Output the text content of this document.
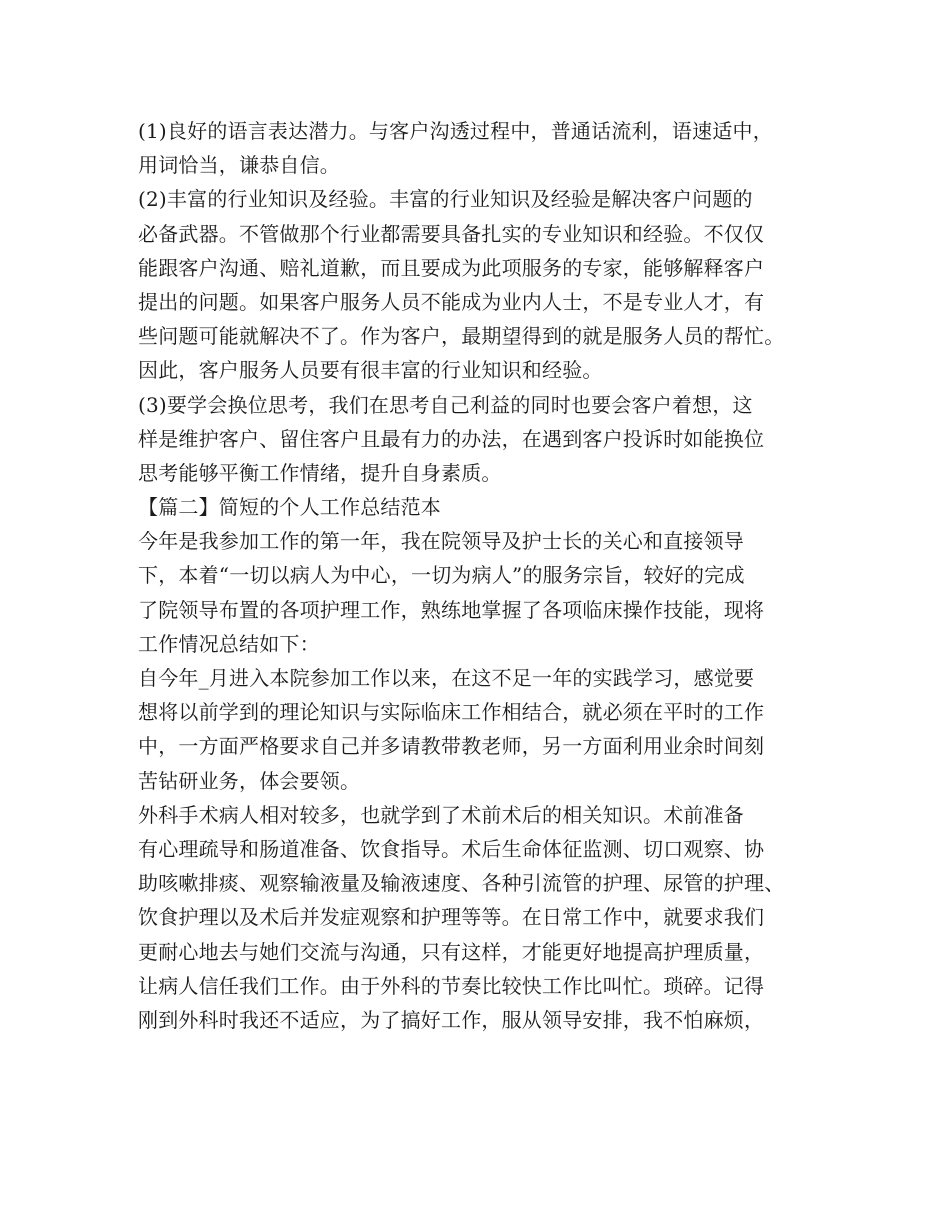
(1)良好的语言表达潜力。与客户沟透过程中，普通话流利，语速适中，
用词恰当，谦恭自信。
(2)丰富的行业知识及经验。丰富的行业知识及经验是解决客户问题的
必备武器。不管做那个行业都需要具备扎实的专业知识和经验。不仅仅
能跟客户沟通、赔礼道歉，而且要成为此项服务的专家，能够解释客户
提出的问题。如果客户服务人员不能成为业内人士，不是专业人才，有
些问题可能就解决不了。作为客户，最期望得到的就是服务人员的帮忙。
因此，客户服务人员要有很丰富的行业知识和经验。
(3)要学会换位思考，我们在思考自己利益的同时也要会客户着想，这
样是维护客户、留住客户且最有力的办法，在遇到客户投诉时如能换位
思考能够平衡工作情绪，提升自身素质。
【篇二】简短的个人工作总结范本
今年是我参加工作的第一年，我在院领导及护士长的关心和直接领导
下，本着“一切以病人为中心，一切为病人”的服务宗旨，较好的完成
了院领导布置的各项护理工作，熟练地掌握了各项临床操作技能，现将
工作情况总结如下：
自今年_月进入本院参加工作以来，在这不足一年的实践学习，感觉要
想将以前学到的理论知识与实际临床工作相结合，就必须在平时的工作
中，一方面严格要求自己并多请教带教老师，另一方面利用业余时间刻
苦钻研业务，体会要领。
外科手术病人相对较多，也就学到了术前术后的相关知识。术前准备
有心理疏导和肠道准备、饮食指导。术后生命体征监测、切口观察、协
助咳嗽排痰、观察输液量及输液速度、各种引流管的护理、尿管的护理、
饮食护理以及术后并发症观察和护理等等。在日常工作中，就要求我们
更耐心地去与她们交流与沟通，只有这样，才能更好地提高护理质量，
让病人信任我们工作。由于外科的节奏比较快工作比叫忙。琐碎。记得
刚到外科时我还不适应，为了搞好工作，服从领导安排，我不怕麻烦，
